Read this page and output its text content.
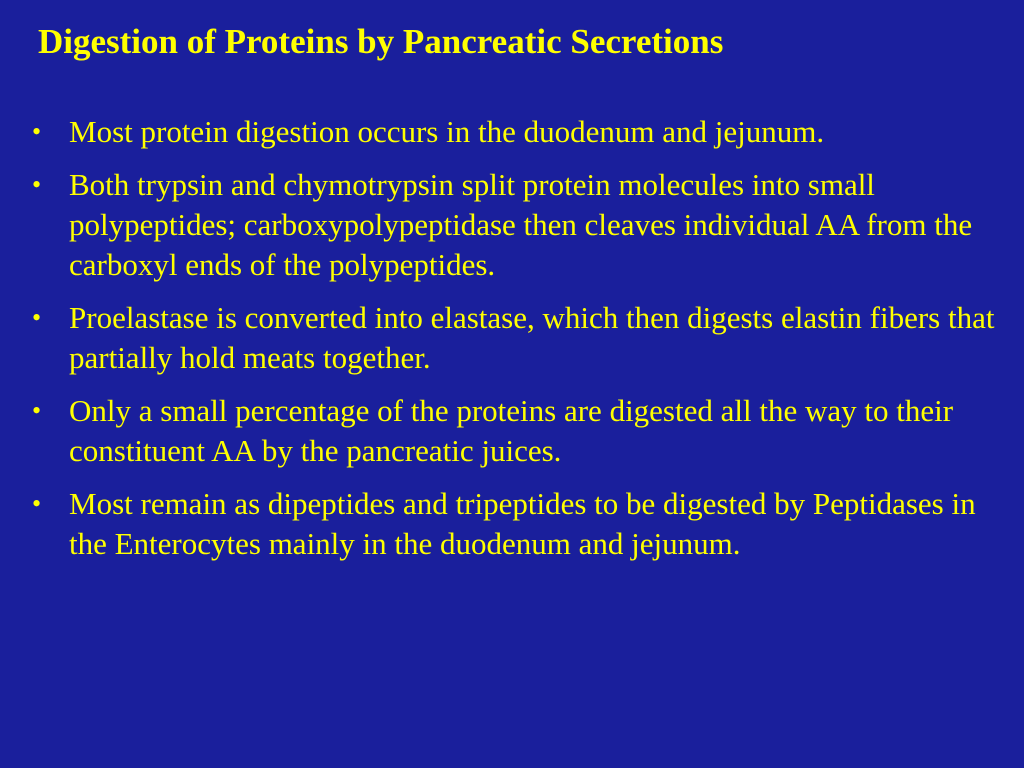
Digestion of Proteins by Pancreatic Secretions
• Most protein digestion occurs in the duodenum and jejunum.
• Both trypsin and chymotrypsin split protein molecules into small polypeptides; carboxypolypeptidase then cleaves individual AA from the carboxyl ends of the polypeptides.
• Proelastase is converted into elastase, which then digests elastin fibers that partially hold meats together.
• Only a small percentage of the proteins are digested all the way to their constituent AA by the pancreatic juices.
• Most remain as dipeptides and tripeptides to be digested by Peptidases in the Enterocytes mainly in the duodenum and jejunum.
